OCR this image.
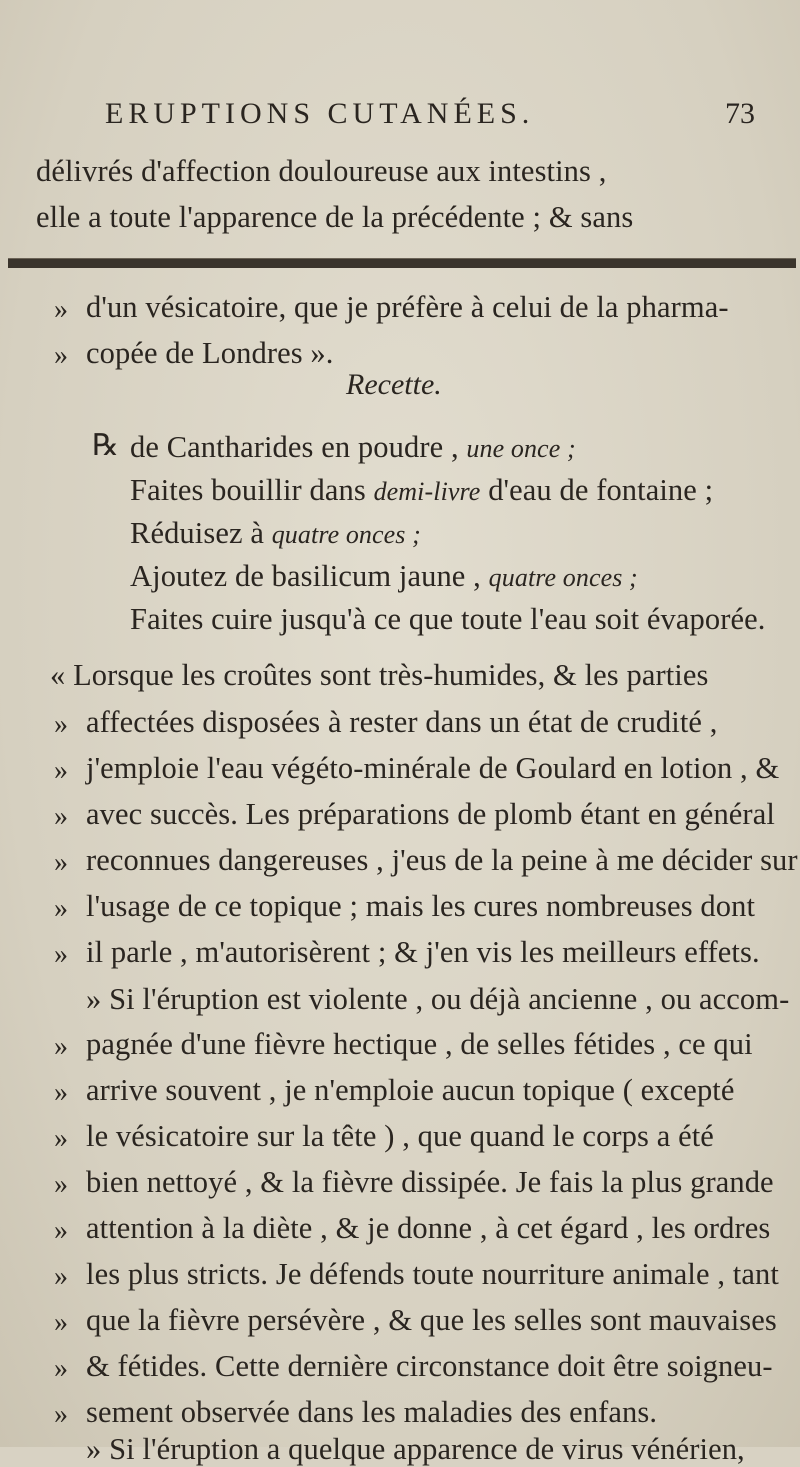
ERUPTIONS CUTANÉES.	73
délivrés d'affection douloureuse aux intestins ,
elle a toute l'apparence de la précédente ; & sans
» d'un vésicatoire, que je préfère à celui de la pharma-
» copée de Londres ».
Recette.
℞ de Cantharides en poudre , une once ;
Faites bouillir dans demi-livre d'eau de fontaine ;
Réduisez à quatre onces ;
Ajoutez de basilicum jaune , quatre onces ;
Faites cuire jusqu'à ce que toute l'eau soit évaporée.
« Lorsque les croûtes sont très-humides, & les parties
» affectées disposées à rester dans un état de crudité ,
» j'emploie l'eau végéto-minérale de Goulard en lotion , &
» avec succès. Les préparations de plomb étant en général
» reconnues dangereuses , j'eus de la peine à me décider sur
» l'usage de ce topique ; mais les cures nombreuses dont
» il parle , m'autorisèrent ; & j'en vis les meilleurs effets.
» Si l'éruption est violente , ou déjà ancienne , ou accom-
» pagnée d'une fièvre hectique , de selles fétides , ce qui
» arrive souvent , je n'emploie aucun topique ( excepté
» le vésicatoire sur la tête ) , que quand le corps a été
» bien nettoyé , & la fièvre dissipée. Je fais la plus grande
» attention à la diète , & je donne , à cet égard , les ordres
» les plus stricts. Je défends toute nourriture animale , tant
» que la fièvre persévère , & que les selles sont mauvaises
» & fétides. Cette dernière circonstance doit être soigneu-
» sement observée dans les maladies des enfans.
» Si l'éruption a quelque apparence de virus vénérien,
